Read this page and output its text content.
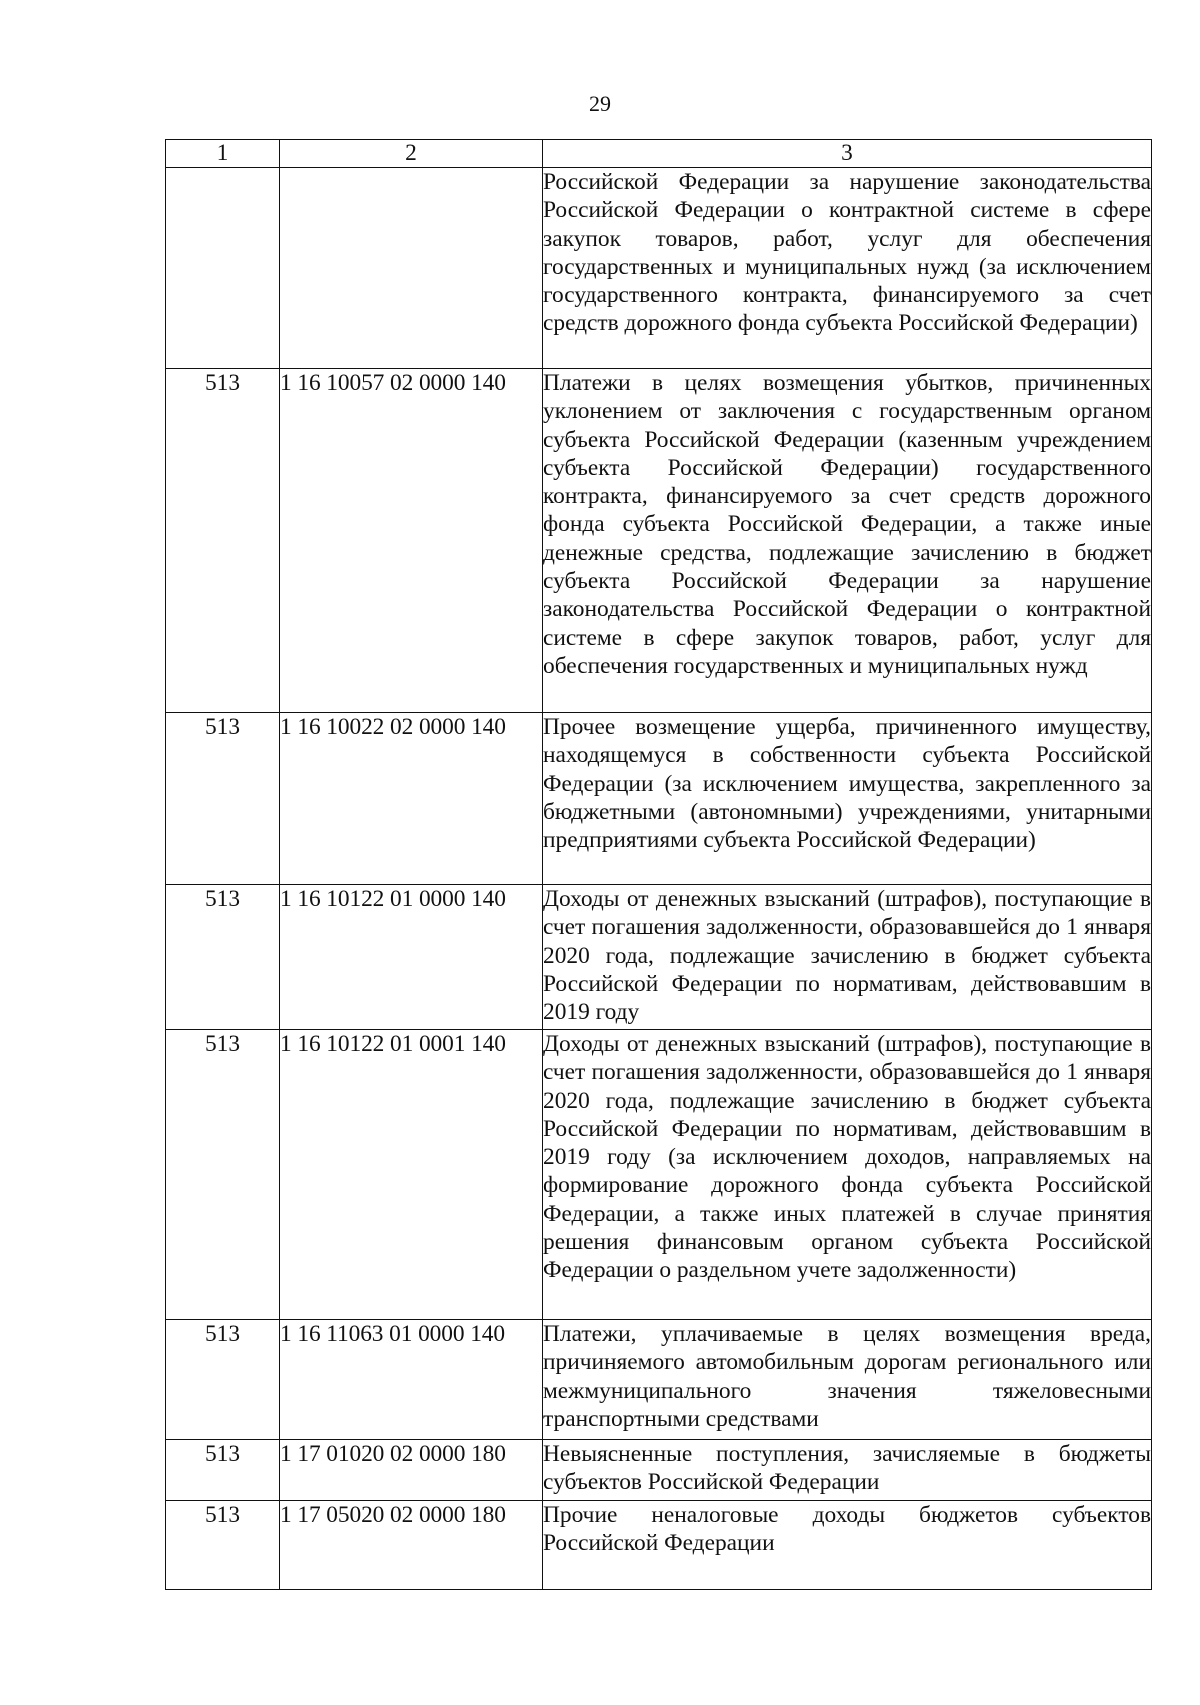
29
1	2	3
		Российской Федерации за нарушение законодательства Российской Федерации о контрактной системе в сфере закупок товаров, работ, услуг для обеспечения государственных и муниципальных нужд (за исключением государственного контракта, финансируемого за счет средств дорожного фонда субъекта Российской Федерации)
513	1 16 10057 02 0000 140	Платежи в целях возмещения убытков, причиненных уклонением от заключения с государственным органом субъекта Российской Федерации (казенным учреждением субъекта Российской Федерации) государственного контракта, финансируемого за счет средств дорожного фонда субъекта Российской Федерации, а также иные денежные средства, подлежащие зачислению в бюджет субъекта Российской Федерации за нарушение законодательства Российской Федерации о контрактной системе в сфере закупок товаров, работ, услуг для обеспечения государственных и муниципальных нужд
513	1 16 10022 02 0000 140	Прочее возмещение ущерба, причиненного имуществу, находящемуся в собственности субъекта Российской Федерации (за исключением имущества, закрепленного за бюджетными (автономными) учреждениями, унитарными предприятиями субъекта Российской Федерации)
513	1 16 10122 01 0000 140	Доходы от денежных взысканий (штрафов), поступающие в счет погашения задолженности, образовавшейся до 1 января 2020 года, подлежащие зачислению в бюджет субъекта Российской Федерации по нормативам, действовавшим в 2019 году
513	1 16 10122 01 0001 140	Доходы от денежных взысканий (штрафов), поступающие в счет погашения задолженности, образовавшейся до 1 января 2020 года, подлежащие зачислению в бюджет субъекта Российской Федерации по нормативам, действовавшим в 2019 году (за исключением доходов, направляемых на формирование дорожного фонда субъекта Российской Федерации, а также иных платежей в случае принятия решения финансовым органом субъекта Российской Федерации о раздельном учете задолженности)
513	1 16 11063 01 0000 140	Платежи, уплачиваемые в целях возмещения вреда, причиняемого автомобильным дорогам регионального или межмуниципального значения тяжеловесными транспортными средствами
513	1 17 01020 02 0000 180	Невыясненные поступления, зачисляемые в бюджеты субъектов Российской Федерации
513	1 17 05020 02 0000 180	Прочие неналоговые доходы бюджетов субъектов Российской Федерации
